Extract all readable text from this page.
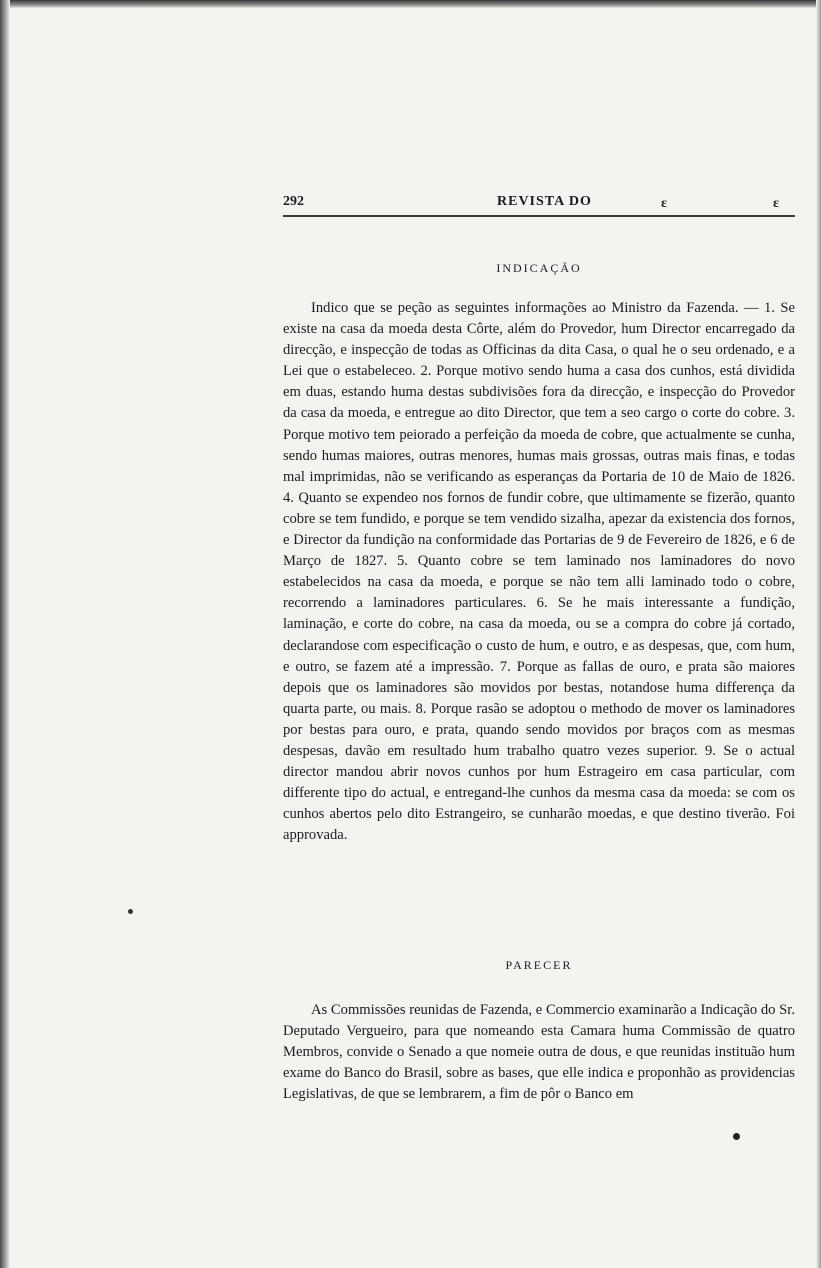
292	REVISTA DO	ε	ε
INDICAÇÃO

Indico que se peção as seguintes informações ao Ministro da Fazenda. — 1. Se existe na casa da moeda desta Côrte, além do Provedor, hum Director encarregado da direcção, e inspecção de todas as Officinas da dita Casa, o qual he o seu ordenado, e a Lei que o estabeleceo. 2. Porque motivo sendo huma a casa dos cunhos, está dividida em duas, estando huma destas subdivisões fora da direcção, e inspecção do Provedor da casa da moeda, e entregue ao dito Director, que tem a seo cargo o corte do cobre. 3. Porque motivo tem peiorado a perfeição da moeda de cobre, que actualmente se cunha, sendo humas maiores, outras menores, humas mais grossas, outras mais finas, e todas mal imprimidas, não se verificando as esperanças da Portaria de 10 de Maio de 1826. 4. Quanto se expendeo nos fornos de fundir cobre, que ultimamente se fizerão, quanto cobre se tem fundido, e porque se tem vendido sizalha, apezar da existencia dos fornos, e Director da fundição na conformidade das Portarias de 9 de Fevereiro de 1826, e 6 de Março de 1827. 5. Quanto cobre se tem laminado nos laminadores do novo estabelecidos na casa da moeda, e porque se não tem alli laminado todo o cobre, recorrendo a laminadores particulares. 6. Se he mais interessante a fundição, laminação, e corte do cobre, na casa da moeda, ou se a compra do cobre já cortado, declarandose com especificação o custo de hum, e outro, e as despesas, que, com hum, e outro, se fazem até a impressão. 7. Porque as fallas de ouro, e prata são maiores depois que os laminadores são movidos por bestas, notandose huma differença da quarta parte, ou mais. 8. Porque rasão se adoptou o methodo de mover os laminadores por bestas para ouro, e prata, quando sendo movidos por braços com as mesmas despesas, davão em resultado hum trabalho quatro vezes superior. 9. Se o actual director mandou abrir novos cunhos por hum Estrageiro em casa particular, com differente tipo do actual, e entregand-lhe cunhos da mesma casa da moeda: se com os cunhos abertos pelo dito Estrangeiro, se cunharão moedas, e que destino tiverão. Foi approvada.

PARECER

As Commissões reunidas de Fazenda, e Commercio examinarão a Indicação do Sr. Deputado Vergueiro, para que nomeando esta Camara huma Commissão de quatro Membros, convide o Senado a que nomeie outra de dous, e que reunidas instituão hum exame do Banco do Brasil, sobre as bases, que elle indica e proponhão as providencias Legislativas, de que se lembrarem, a fim de pôr o Banco em
